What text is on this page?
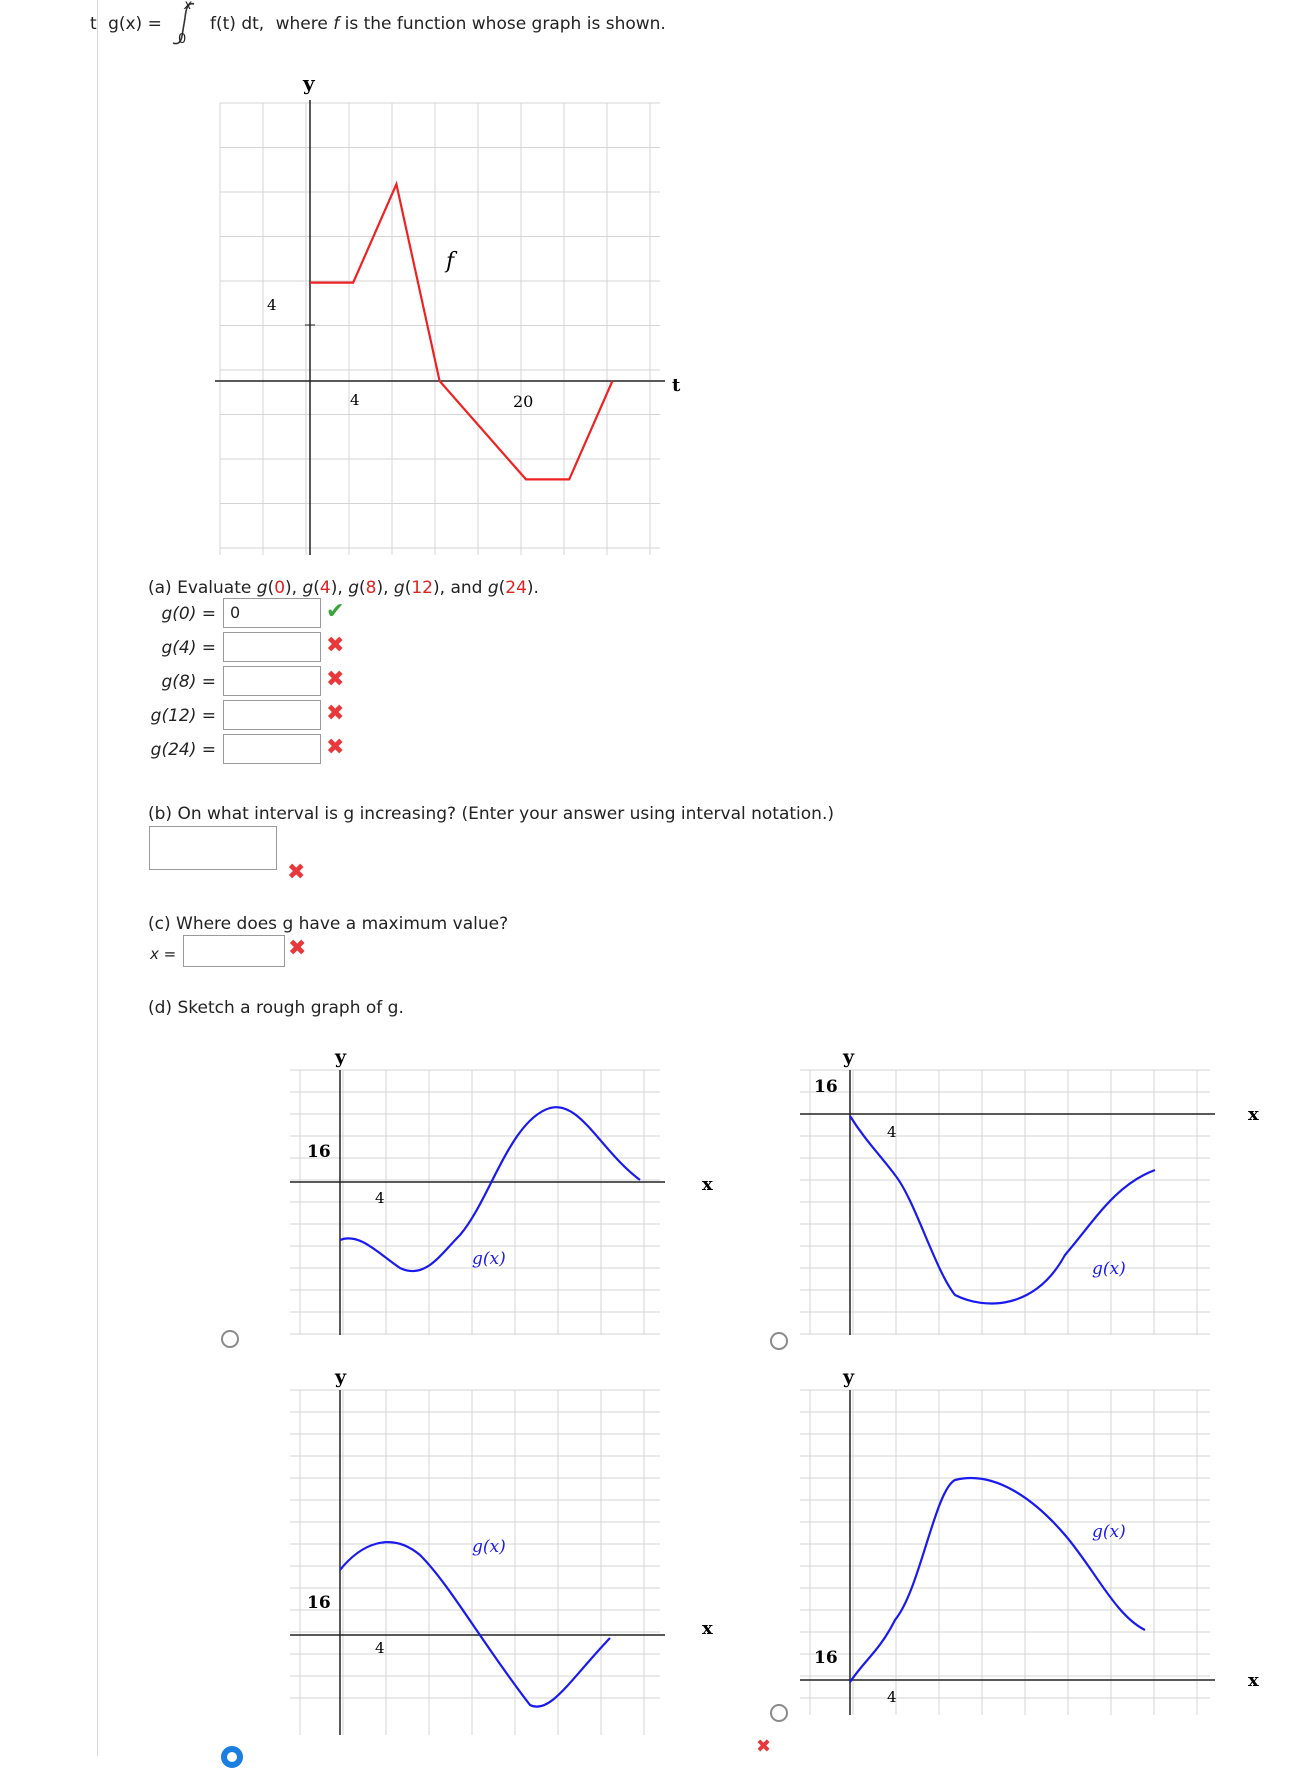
t g(x) =
x
0
f(t) dt, where f is the function whose graph is shown.
y
t
f
4	20
4
(a) Evaluate g(0), g(4), g(8), g(12), and g(24).
g(0) = 0	✔
g(4) =	✖
g(8) =	✖
g(12) =	✖
g(24) =	✖
(b) On what interval is g increasing? (Enter your answer using interval notation.)
✖
(c) Where does g have a maximum value?
x =	✖
(d) Sketch a rough graph of g.
y
x
16
4
g(x)
y
x
16
4
g(x)
y
x
16
4
g(x)
y
x
16
4
g(x)
✖
